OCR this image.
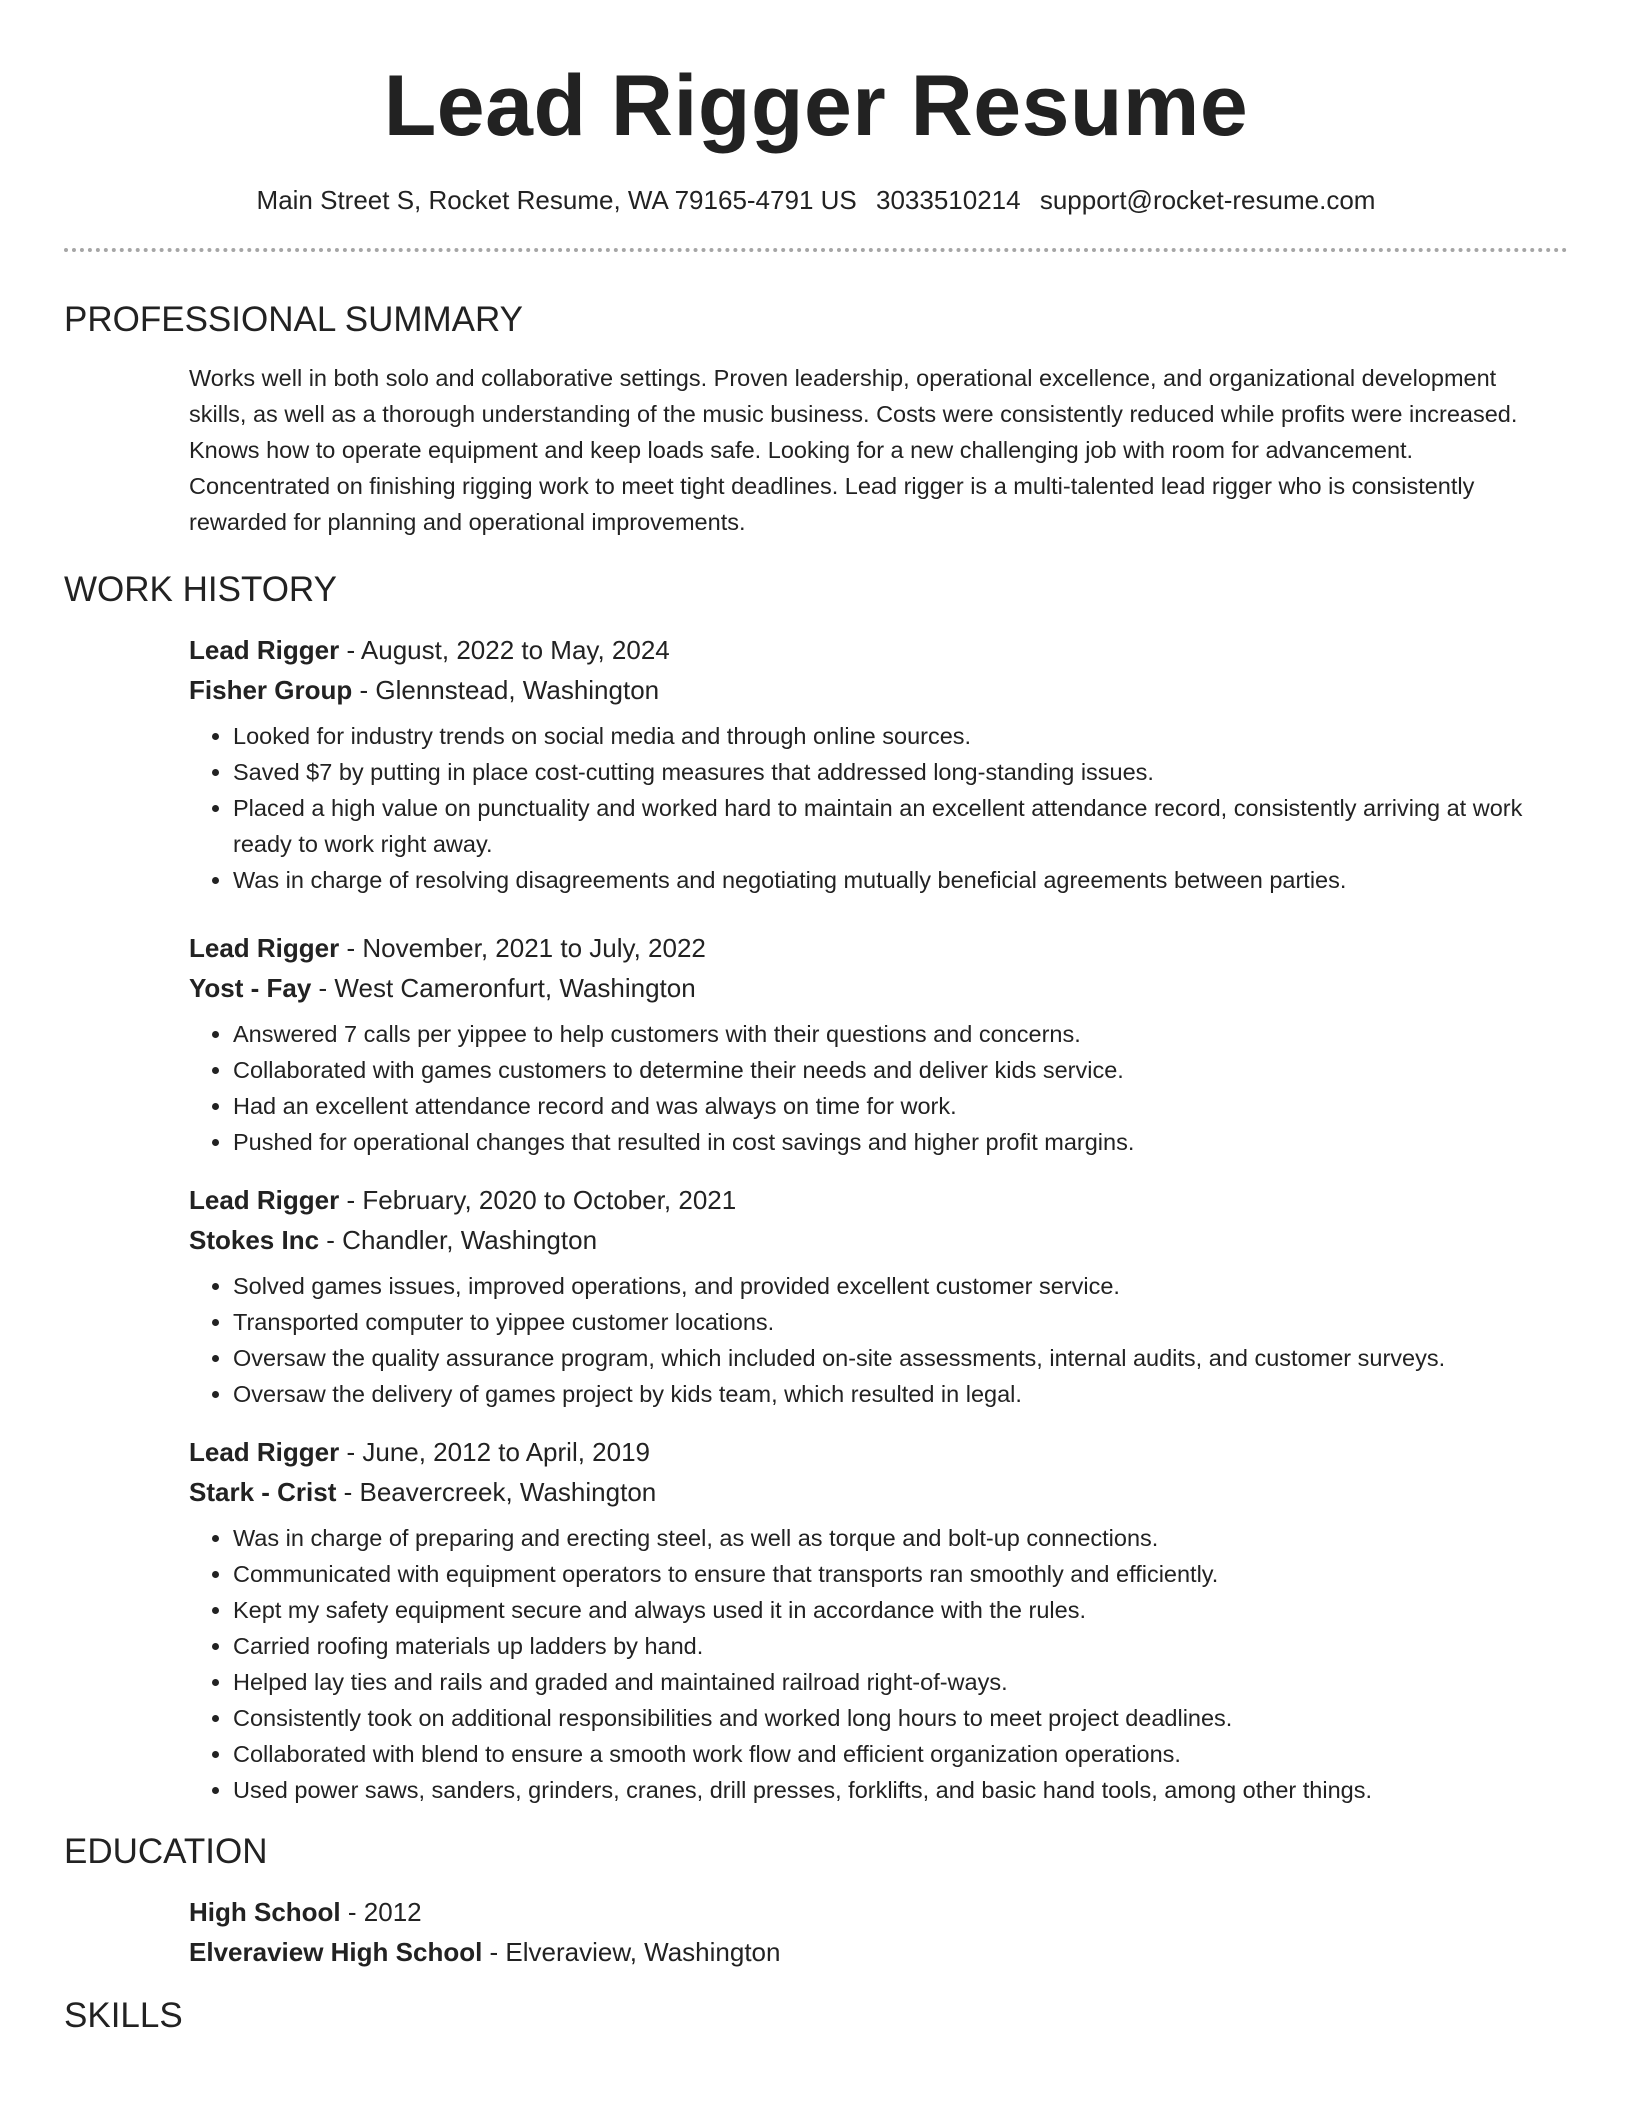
Lead Rigger Resume
Main Street S, Rocket Resume, WA 79165-4791 US 3033510214 support@rocket-resume.com
PROFESSIONAL SUMMARY

Works well in both solo and collaborative settings. Proven leadership, operational excellence, and organizational development skills, as well as a thorough understanding of the music business. Costs were consistently reduced while profits were increased. Knows how to operate equipment and keep loads safe. Looking for a new challenging job with room for advancement. Concentrated on finishing rigging work to meet tight deadlines. Lead rigger is a multi-talented lead rigger who is consistently rewarded for planning and operational improvements.

WORK HISTORY

Lead Rigger - August, 2022 to May, 2024

Fisher Group - Glennstead, Washington

• Looked for industry trends on social media and through online sources.
• Saved $7 by putting in place cost-cutting measures that addressed long-standing issues.
• Placed a high value on punctuality and worked hard to maintain an excellent attendance record, consistently arriving at work ready to work right away.
• Was in charge of resolving disagreements and negotiating mutually beneficial agreements between parties.

Lead Rigger - November, 2021 to July, 2022

Yost - Fay - West Cameronfurt, Washington

• Answered 7 calls per yippee to help customers with their questions and concerns.
• Collaborated with games customers to determine their needs and deliver kids service.
• Had an excellent attendance record and was always on time for work.
• Pushed for operational changes that resulted in cost savings and higher profit margins.

Lead Rigger - February, 2020 to October, 2021

Stokes Inc - Chandler, Washington

• Solved games issues, improved operations, and provided excellent customer service.
• Transported computer to yippee customer locations.
• Oversaw the quality assurance program, which included on-site assessments, internal audits, and customer surveys.
• Oversaw the delivery of games project by kids team, which resulted in legal.

Lead Rigger - June, 2012 to April, 2019

Stark - Crist - Beavercreek, Washington

• Was in charge of preparing and erecting steel, as well as torque and bolt-up connections.
• Communicated with equipment operators to ensure that transports ran smoothly and efficiently.
• Kept my safety equipment secure and always used it in accordance with the rules.
• Carried roofing materials up ladders by hand.
• Helped lay ties and rails and graded and maintained railroad right-of-ways.
• Consistently took on additional responsibilities and worked long hours to meet project deadlines.
• Collaborated with blend to ensure a smooth work flow and efficient organization operations.
• Used power saws, sanders, grinders, cranes, drill presses, forklifts, and basic hand tools, among other things.
EDUCATION

High School - 2012

Elveraview High School - Elveraview, Washington

SKILLS
